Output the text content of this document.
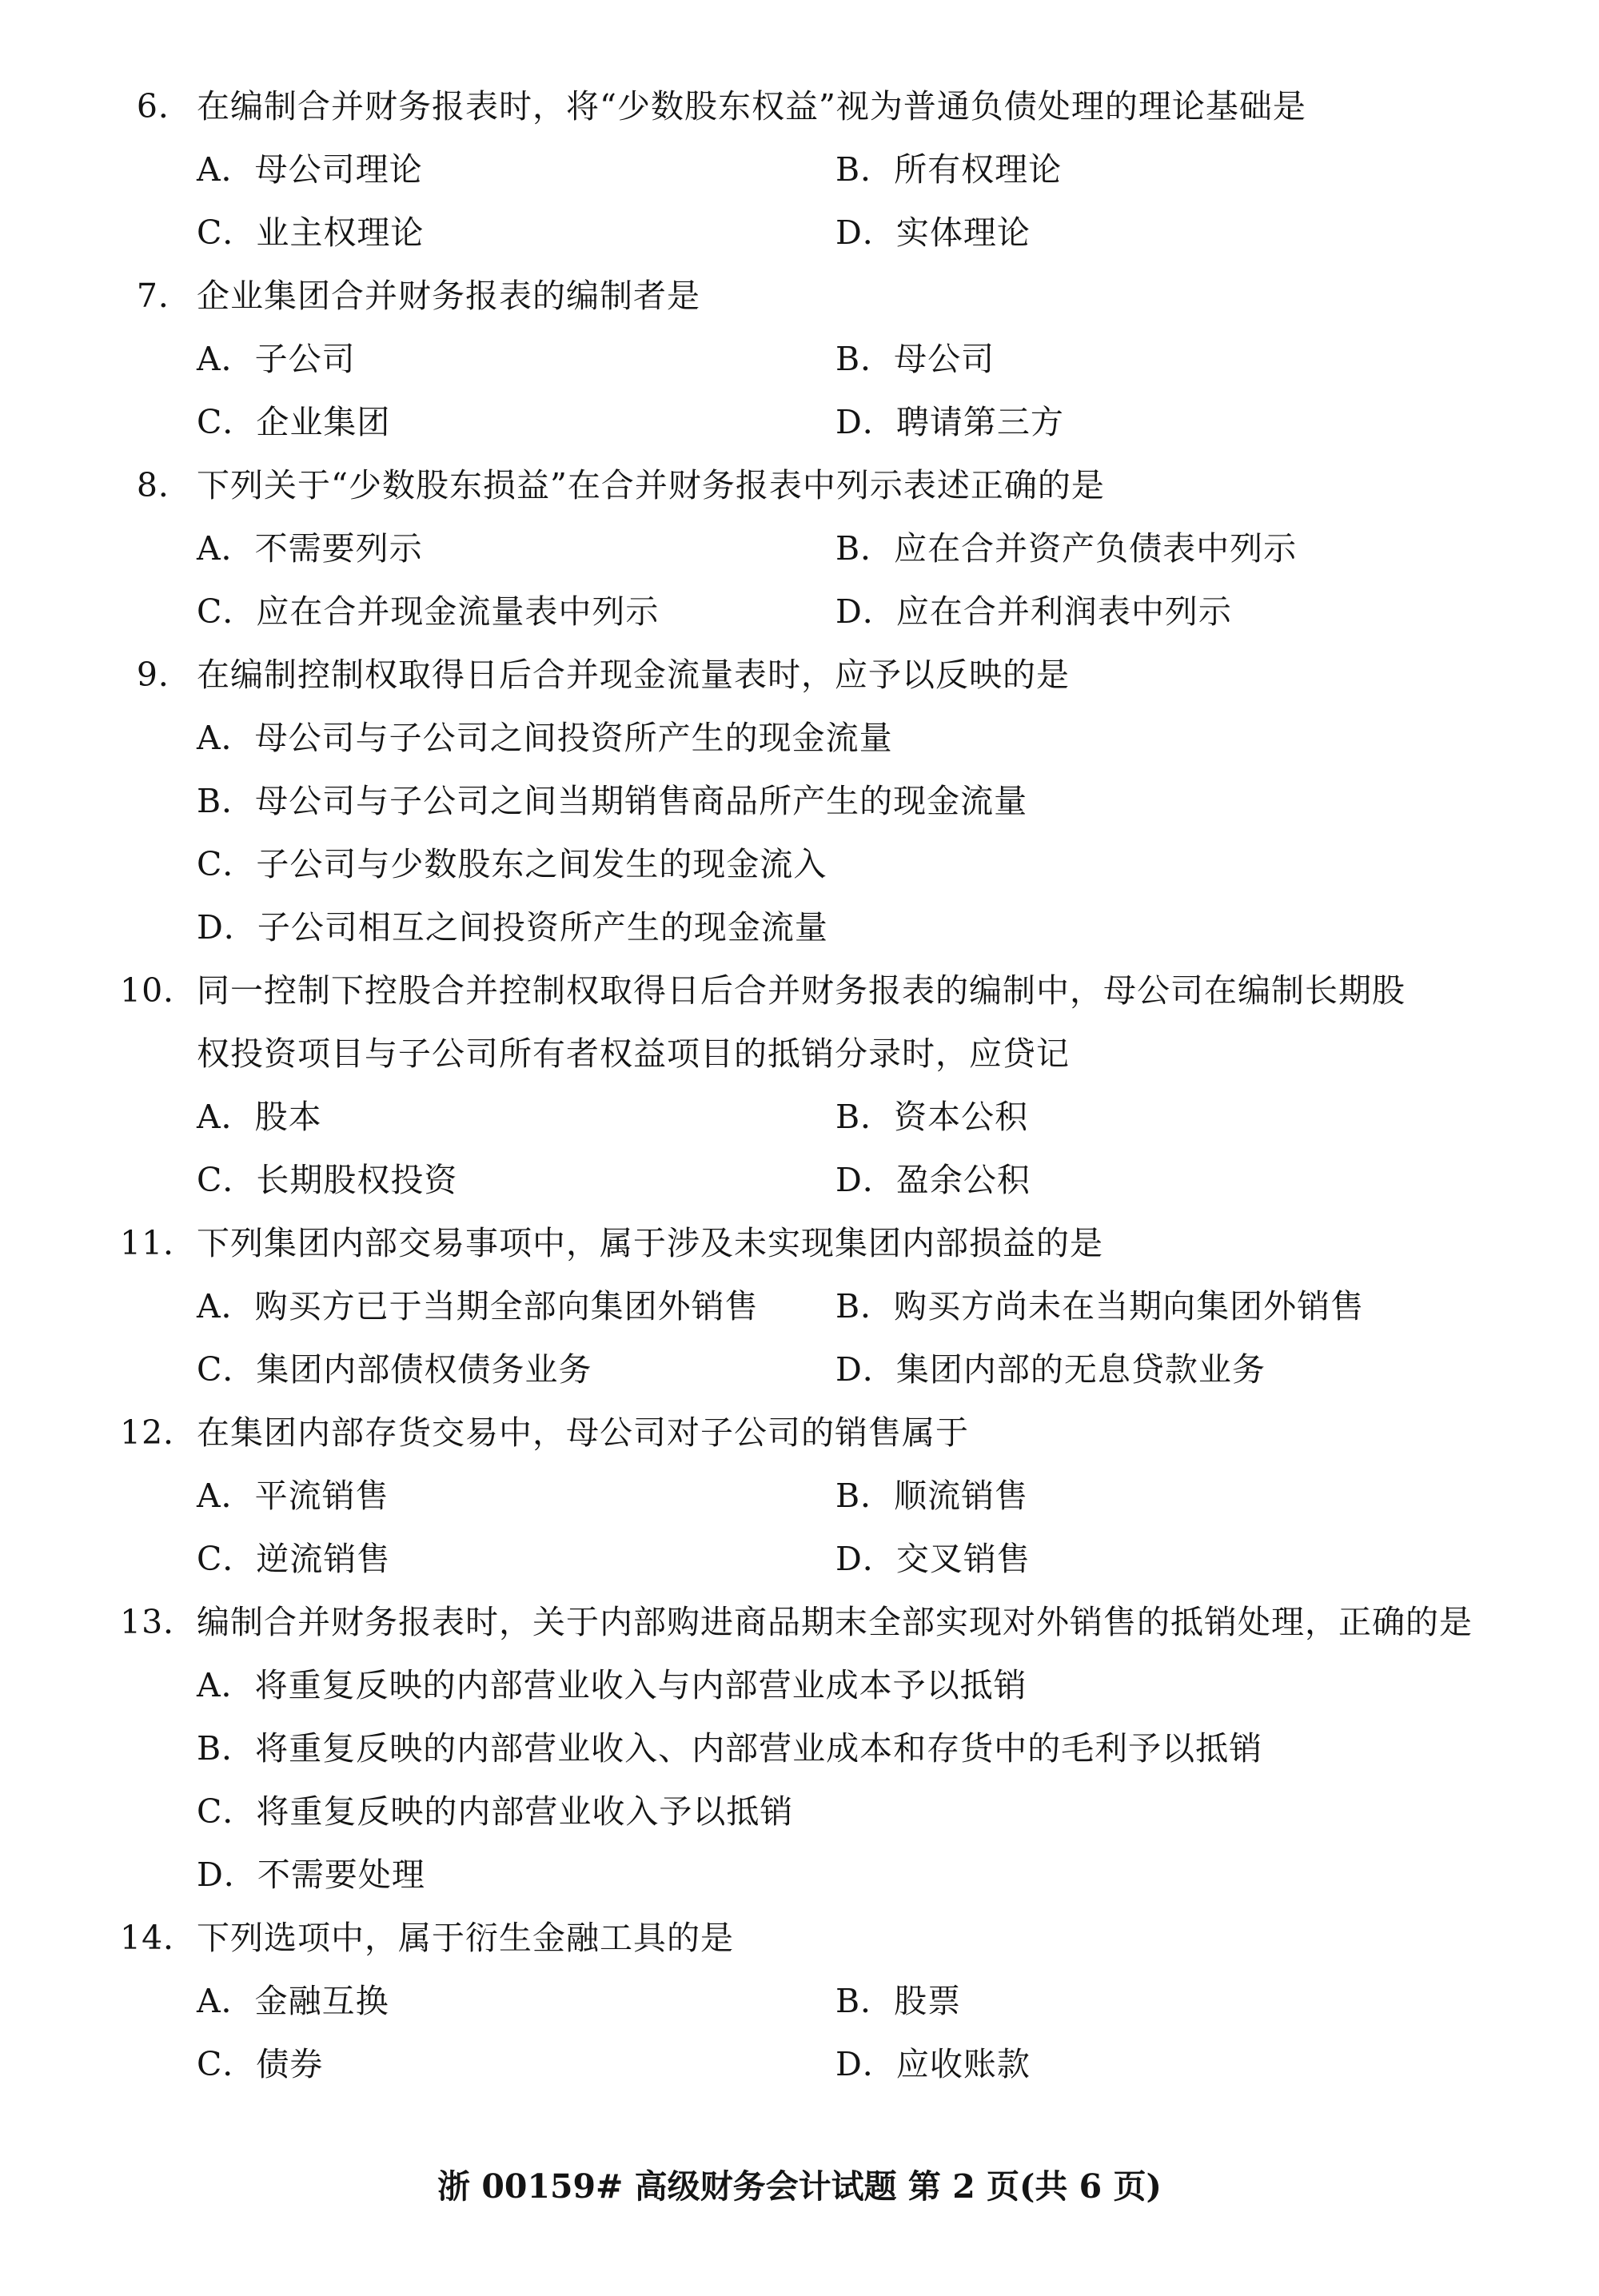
6． 在编制合并财务报表时，将“少数股东权益”视为普通负债处理的理论基础是
A．母公司理论	B．所有权理论
C．业主权理论	D．实体理论
7． 企业集团合并财务报表的编制者是
A．子公司	B．母公司
C．企业集团	D．聘请第三方
8． 下列关于“少数股东损益”在合并财务报表中列示表述正确的是
A．不需要列示	B．应在合并资产负债表中列示
C．应在合并现金流量表中列示	D．应在合并利润表中列示
9． 在编制控制权取得日后合并现金流量表时，应予以反映的是
A．母公司与子公司之间投资所产生的现金流量
B．母公司与子公司之间当期销售商品所产生的现金流量
C．子公司与少数股东之间发生的现金流入
D．子公司相互之间投资所产生的现金流量
10． 同一控制下控股合并控制权取得日后合并财务报表的编制中，母公司在编制长期股
权投资项目与子公司所有者权益项目的抵销分录时，应贷记
A．股本	B．资本公积
C．长期股权投资	D．盈余公积
11． 下列集团内部交易事项中，属于涉及未实现集团内部损益的是
A．购买方已于当期全部向集团外销售 B．购买方尚未在当期向集团外销售
C．集团内部债权债务业务	D．集团内部的无息贷款业务
12． 在集团内部存货交易中，母公司对子公司的销售属于
A．平流销售	B．顺流销售
C．逆流销售	D．交叉销售
13． 编制合并财务报表时，关于内部购进商品期末全部实现对外销售的抵销处理，正确的是
A．将重复反映的内部营业收入与内部营业成本予以抵销
B．将重复反映的内部营业收入、内部营业成本和存货中的毛利予以抵销
C．将重复反映的内部营业收入予以抵销
D．不需要处理
14． 下列选项中，属于衍生金融工具的是
A．金融互换	B．股票
C．债券	D．应收账款
浙 00159# 高级财务会计试题 第 2 页(共 6 页)
